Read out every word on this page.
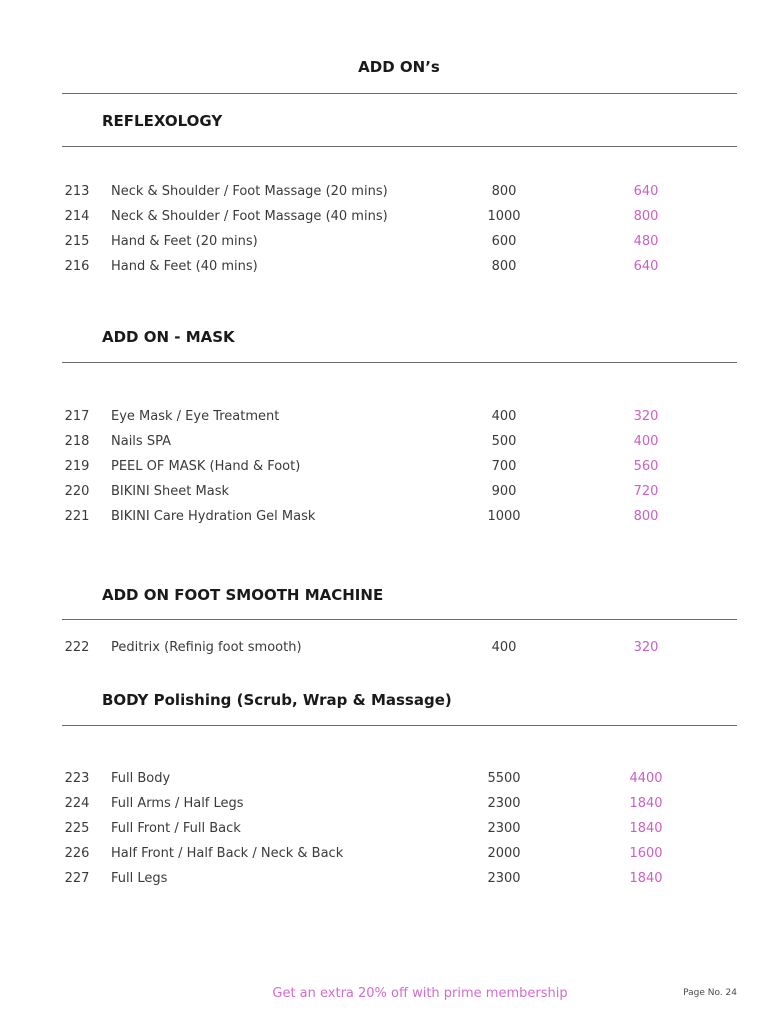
ADD ON’s
REFLEXOLOGY
213	Neck & Shoulder / Foot Massage (20 mins)	800	640
214	Neck & Shoulder / Foot Massage (40 mins)	1000	800
215	Hand & Feet (20 mins)	600	480
216	Hand & Feet (40 mins)	800	640
ADD ON - MASK
217	Eye Mask / Eye Treatment	400	320
218	Nails SPA	500	400
219	PEEL OF MASK (Hand & Foot)	700	560
220	BIKINI Sheet Mask	900	720
221	BIKINI Care Hydration Gel Mask	1000	800
ADD ON FOOT SMOOTH MACHINE
222	Peditrix (Refinig foot smooth)	400	320
BODY Polishing (Scrub, Wrap & Massage)
223	Full Body	5500	4400
224	Full Arms / Half Legs	2300	1840
225	Full Front / Full Back	2300	1840
226	Half Front / Half Back / Neck & Back	2000	1600
227	Full Legs	2300	1840
Get an extra 20% off with prime membership	Page No. 24
